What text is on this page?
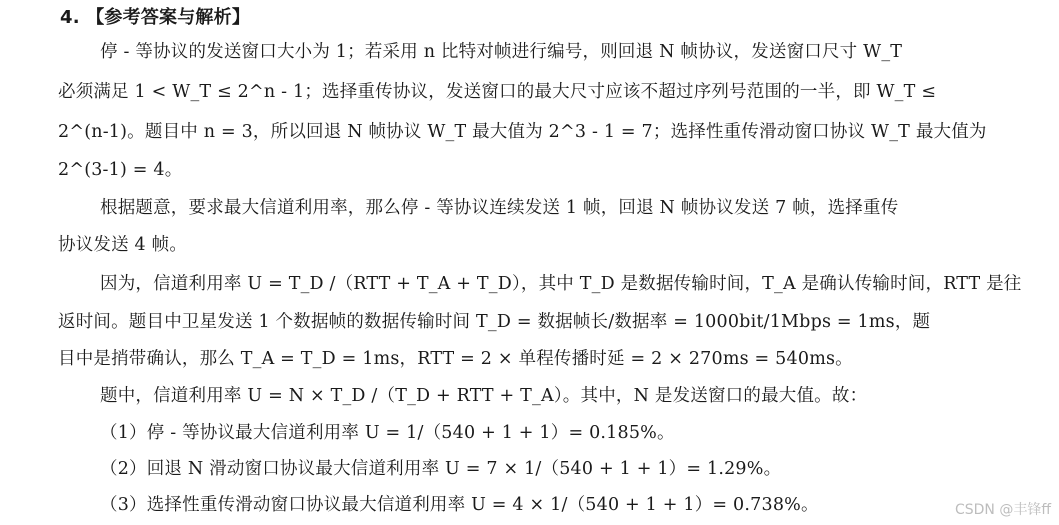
4. 【参考答案与解析】
停 - 等协议的发送窗口大小为 1；若采用 n 比特对帧进行编号，则回退 N 帧协议，发送窗口尺寸 W_T
必须满足 1 < W_T ≤ 2^n - 1；选择重传协议，发送窗口的最大尺寸应该不超过序列号范围的一半，即 W_T ≤
2^(n-1)。题目中 n = 3，所以回退 N 帧协议 W_T 最大值为 2^3 - 1 = 7；选择性重传滑动窗口协议 W_T 最大值为
2^(3-1) = 4。
根据题意，要求最大信道利用率，那么停 - 等协议连续发送 1 帧，回退 N 帧协议发送 7 帧，选择重传
协议发送 4 帧。
因为，信道利用率 U = T_D /（RTT + T_A + T_D），其中 T_D 是数据传输时间，T_A 是确认传输时间，RTT 是往
返时间。题目中卫星发送 1 个数据帧的数据传输时间 T_D = 数据帧长/数据率 = 1000bit/1Mbps = 1ms，题
目中是捎带确认，那么 T_A = T_D = 1ms，RTT = 2 × 单程传播时延 = 2 × 270ms = 540ms。
题中，信道利用率 U = N × T_D /（T_D + RTT + T_A）。其中，N 是发送窗口的最大值。故：
（1）停 - 等协议最大信道利用率 U = 1/（540 + 1 + 1）= 0.185%。
（2）回退 N 滑动窗口协议最大信道利用率 U = 7 × 1/（540 + 1 + 1）= 1.29%。
（3）选择性重传滑动窗口协议最大信道利用率 U = 4 × 1/（540 + 1 + 1）= 0.738%。	CSDN @丰锋ff
